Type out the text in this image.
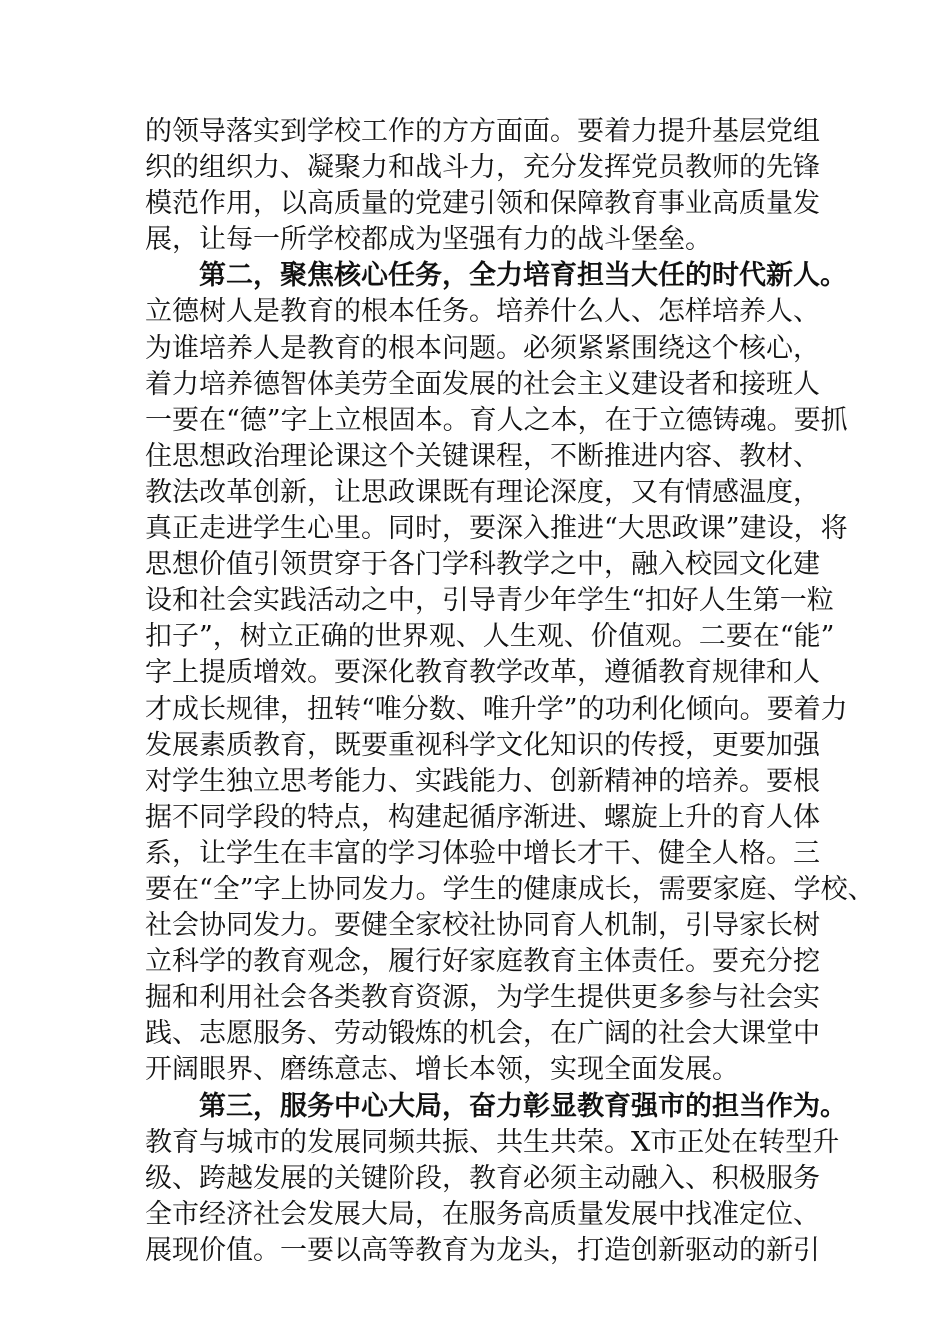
的领导落实到学校工作的方方面面。要着力提升基层党组
织的组织力、凝聚力和战斗力，充分发挥党员教师的先锋
模范作用，以高质量的党建引领和保障教育事业高质量发
展，让每一所学校都成为坚强有力的战斗堡垒。
第二，聚焦核心任务，全力培育担当大任的时代新人。
立德树人是教育的根本任务。培养什么人、怎样培养人、
为谁培养人是教育的根本问题。必须紧紧围绕这个核心，
着力培养德智体美劳全面发展的社会主义建设者和接班人
一要在“德”字上立根固本。育人之本，在于立德铸魂。要抓
住思想政治理论课这个关键课程，不断推进内容、教材、
教法改革创新，让思政课既有理论深度，又有情感温度，
真正走进学生心里。同时，要深入推进“大思政课”建设，将
思想价值引领贯穿于各门学科教学之中，融入校园文化建
设和社会实践活动之中，引导青少年学生“扣好人生第一粒
扣子”，树立正确的世界观、人生观、价值观。二要在“能”
字上提质增效。要深化教育教学改革，遵循教育规律和人
才成长规律，扭转“唯分数、唯升学”的功利化倾向。要着力
发展素质教育，既要重视科学文化知识的传授，更要加强
对学生独立思考能力、实践能力、创新精神的培养。要根
据不同学段的特点，构建起循序渐进、螺旋上升的育人体
系，让学生在丰富的学习体验中增长才干、健全人格。三
要在“全”字上协同发力。学生的健康成长，需要家庭、学校、
社会协同发力。要健全家校社协同育人机制，引导家长树
立科学的教育观念，履行好家庭教育主体责任。要充分挖
掘和利用社会各类教育资源，为学生提供更多参与社会实
践、志愿服务、劳动锻炼的机会，在广阔的社会大课堂中
开阔眼界、磨练意志、增长本领，实现全面发展。
第三，服务中心大局，奋力彰显教育强市的担当作为。
教育与城市的发展同频共振、共生共荣。X市正处在转型升
级、跨越发展的关键阶段，教育必须主动融入、积极服务
全市经济社会发展大局，在服务高质量发展中找准定位、
展现价值。一要以高等教育为龙头，打造创新驱动的新引
